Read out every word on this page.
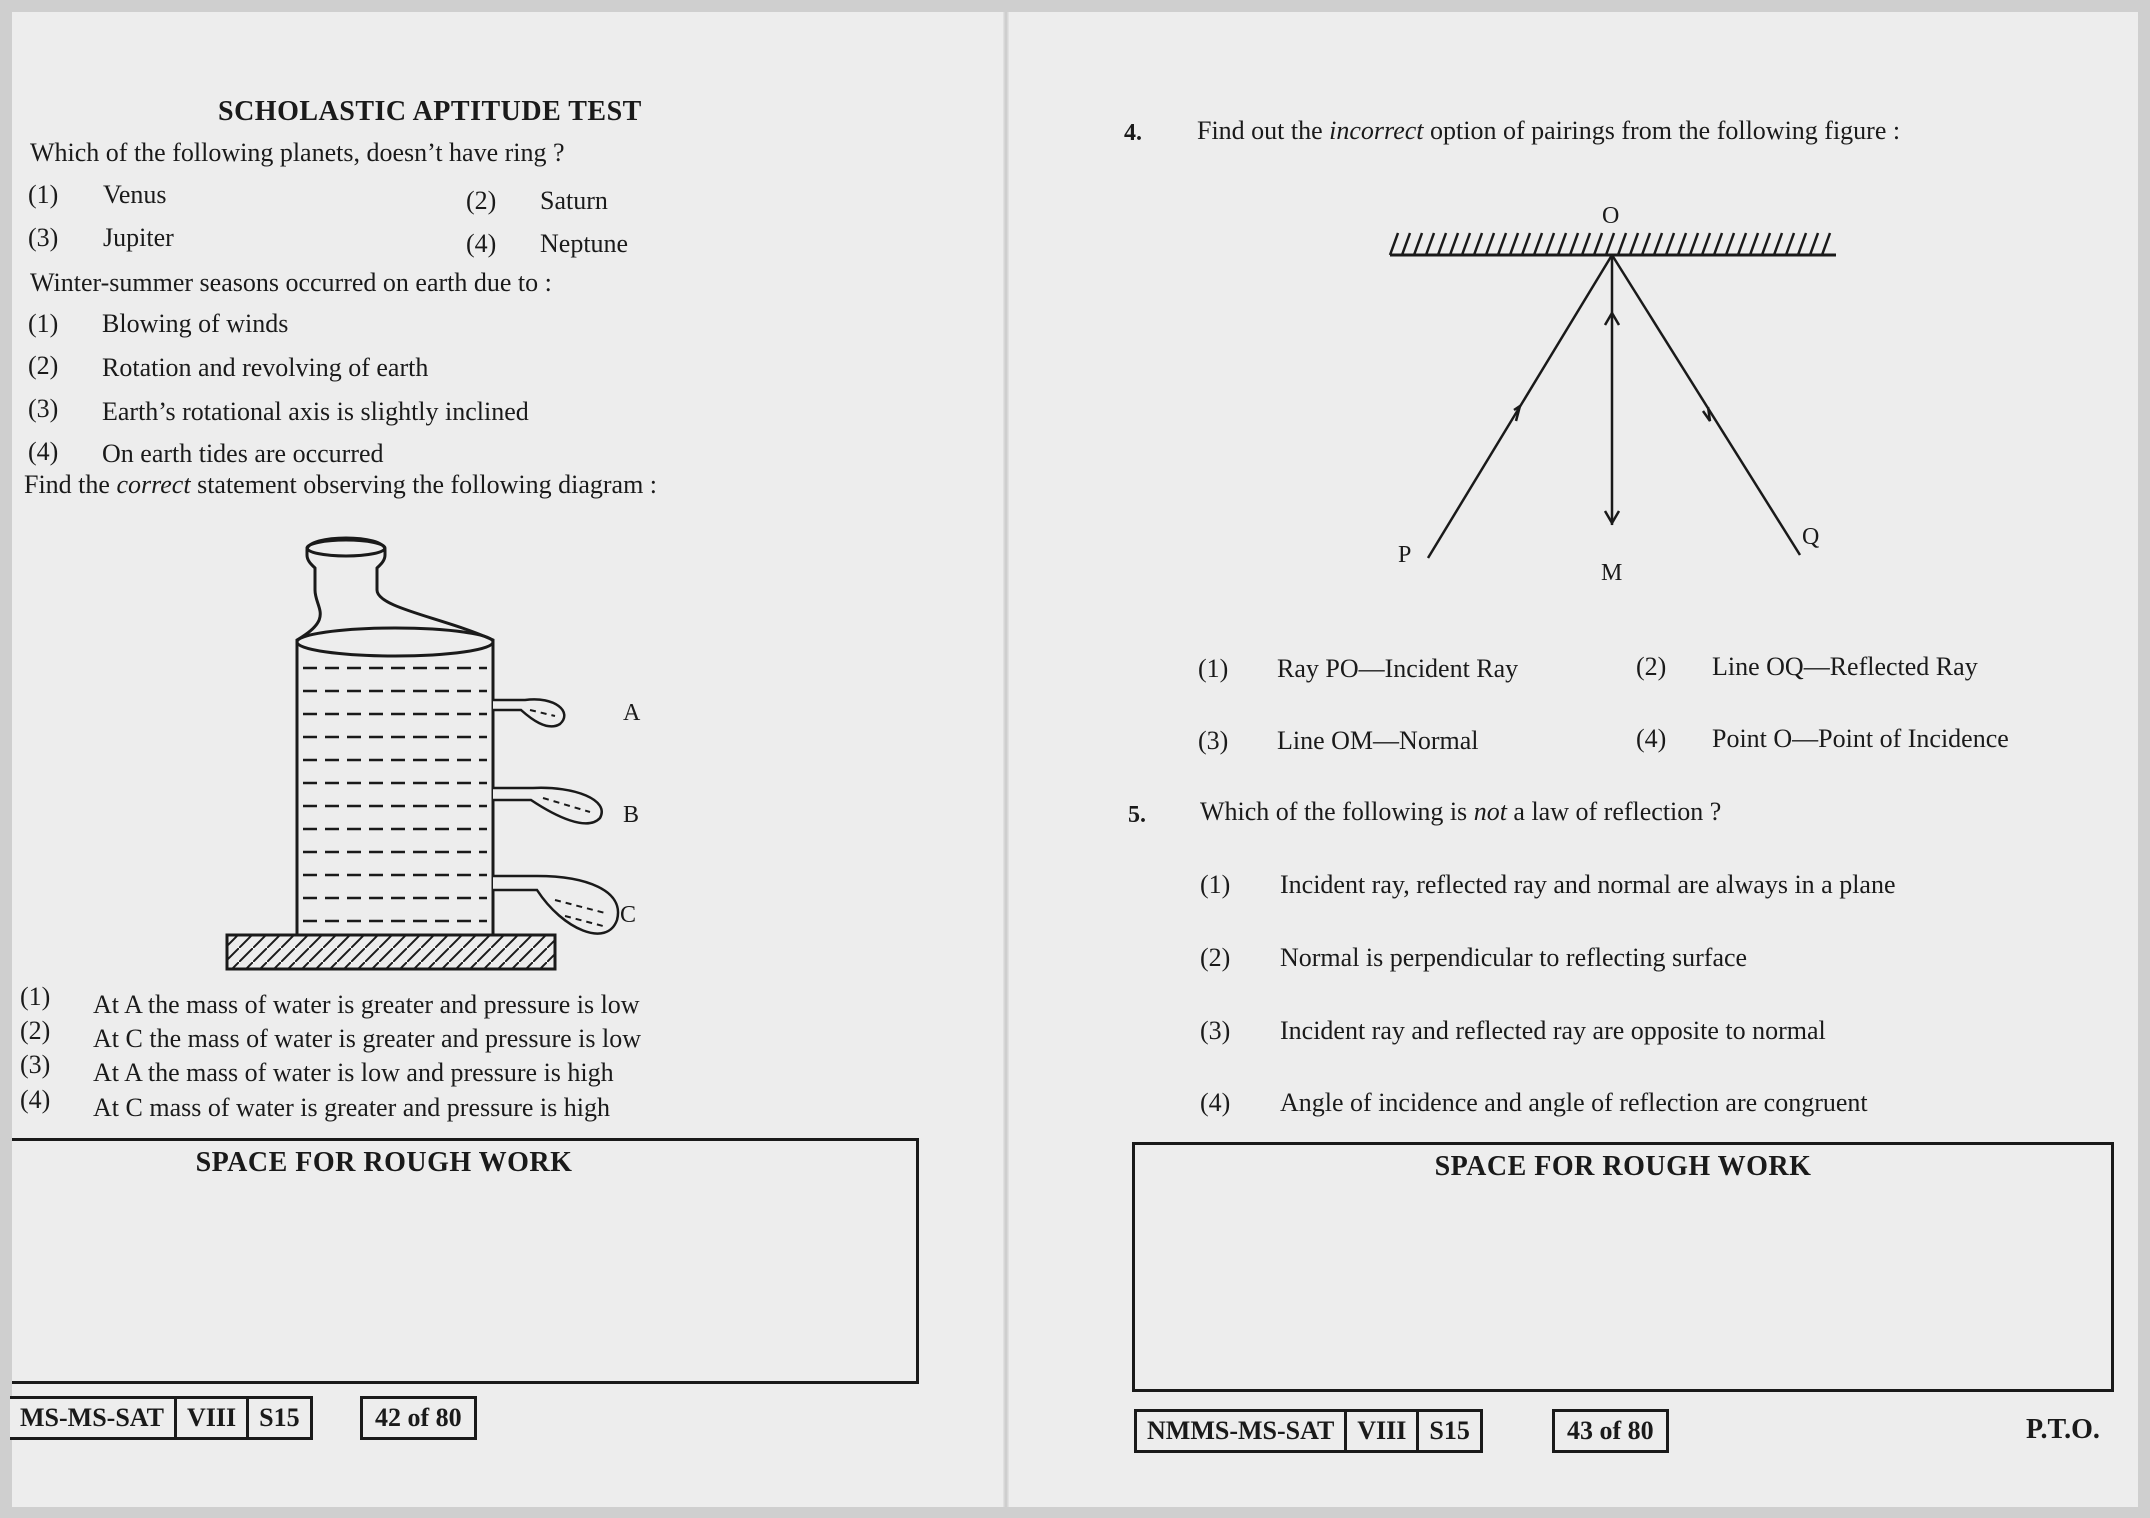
SCHOLASTIC APTITUDE TEST
Which of the following planets, doesn’t have ring ?
(1) Venus	(2) Saturn
(3) Jupiter	(4) Neptune
Winter-summer seasons occurred on earth due to :
(1) Blowing of winds
(2) Rotation and revolving of earth
(3) Earth’s rotational axis is slightly inclined
(4) On earth tides are occurred
Find the correct statement observing the following diagram :
A
B
C
(1) At A the mass of water is greater and pressure is low
(2) At C the mass of water is greater and pressure is low
(3) At A the mass of water is low and pressure is high
(4) At C mass of water is greater and pressure is high
SPACE FOR ROUGH WORK
MS-MS-SAT VIII S15	42 of 80
4. Find out the incorrect option of pairings from the following figure :
O
P
M
Q
(1) Ray PO—Incident Ray	(2) Line OQ—Reflected Ray
(3) Line OM—Normal	(4) Point O—Point of Incidence
5. Which of the following is not a law of reflection ?
(1) Incident ray, reflected ray and normal are always in a plane
(2) Normal is perpendicular to reflecting surface
(3) Incident ray and reflected ray are opposite to normal
(4) Angle of incidence and angle of reflection are congruent
SPACE FOR ROUGH WORK
NMMS-MS-SAT VIII S15	43 of 80	P.T.O.
